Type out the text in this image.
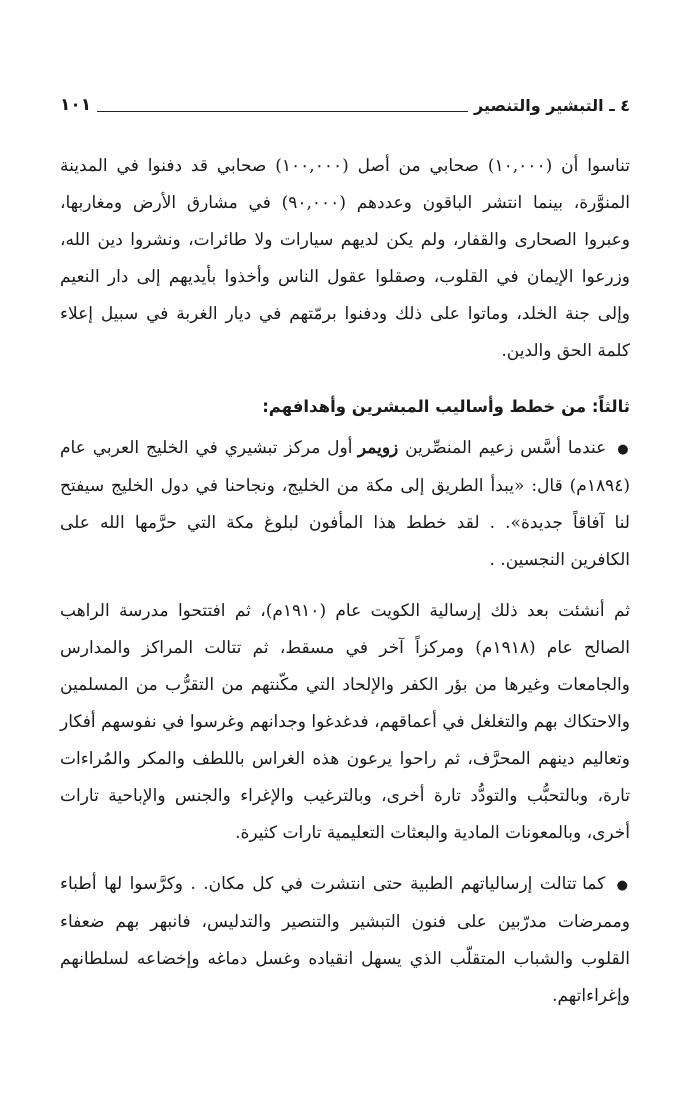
٤ ـ التبشير والتنصير
١٠١

تناسوا أن (١٠,٠٠٠) صحابي من أصل (١٠٠,٠٠٠) صحابي قد دفنوا في المدينة المنوَّرة، بينما انتشر الباقون وعددهم (٩٠,٠٠٠) في مشارق الأرض ومغاربها، وعبروا الصحارى والقفار، ولم يكن لديهم سيارات ولا طائرات، ونشروا دين الله، وزرعوا الإيمان في القلوب، وصقلوا عقول الناس وأخذوا بأيديهم إلى دار النعيم وإلى جنة الخلد، وماتوا على ذلك ودفنوا برمّتهم في ديار الغربة في سبيل إعلاء كلمة الحق والدين.

ثالثاً: من خطط وأساليب المبشرين وأهدافهم:

● عندما أسَّس زعيم المنصِّرين زويمر أول مركز تبشيري في الخليج العربي عام (١٨٩٤م) قال: «يبدأ الطريق إلى مكة من الخليج، ونجاحنا في دول الخليج سيفتح لنا آفاقاً جديدة». . لقد خطط هذا المأفون لبلوغ مكة التي حرَّمها الله على الكافرين النجسين. .

ثم أنشئت بعد ذلك إرسالية الكويت عام (١٩١٠م)، ثم افتتحوا مدرسة الراهب الصالح عام (١٩١٨م) ومركزاً آخر في مسقط، ثم تتالت المراكز والمدارس والجامعات وغيرها من بؤر الكفر والإلحاد التي مكّنتهم من التقرُّب من المسلمين والاحتكاك بهم والتغلغل في أعماقهم، فدغدغوا وجدانهم وغرسوا في نفوسهم أفكار وتعاليم دينهم المحرَّف، ثم راحوا يرعون هذه الغراس باللطف والمكر والمُراءات تارة، وبالتحبُّب والتودُّد تارة أخرى، وبالترغيب والإغراء والجنس والإباحية تارات أخرى، وبالمعونات المادية والبعثات التعليمية تارات كثيرة.

● كما تتالت إرسالياتهم الطبية حتى انتشرت في كل مكان. . وكرَّسوا لها أطباء وممرضات مدرّبين على فنون التبشير والتنصير والتدليس، فانبهر بهم ضعفاء القلوب والشباب المتقلّب الذي يسهل انقياده وغسل دماغه وإخضاعه لسلطانهم وإغراءاتهم.
